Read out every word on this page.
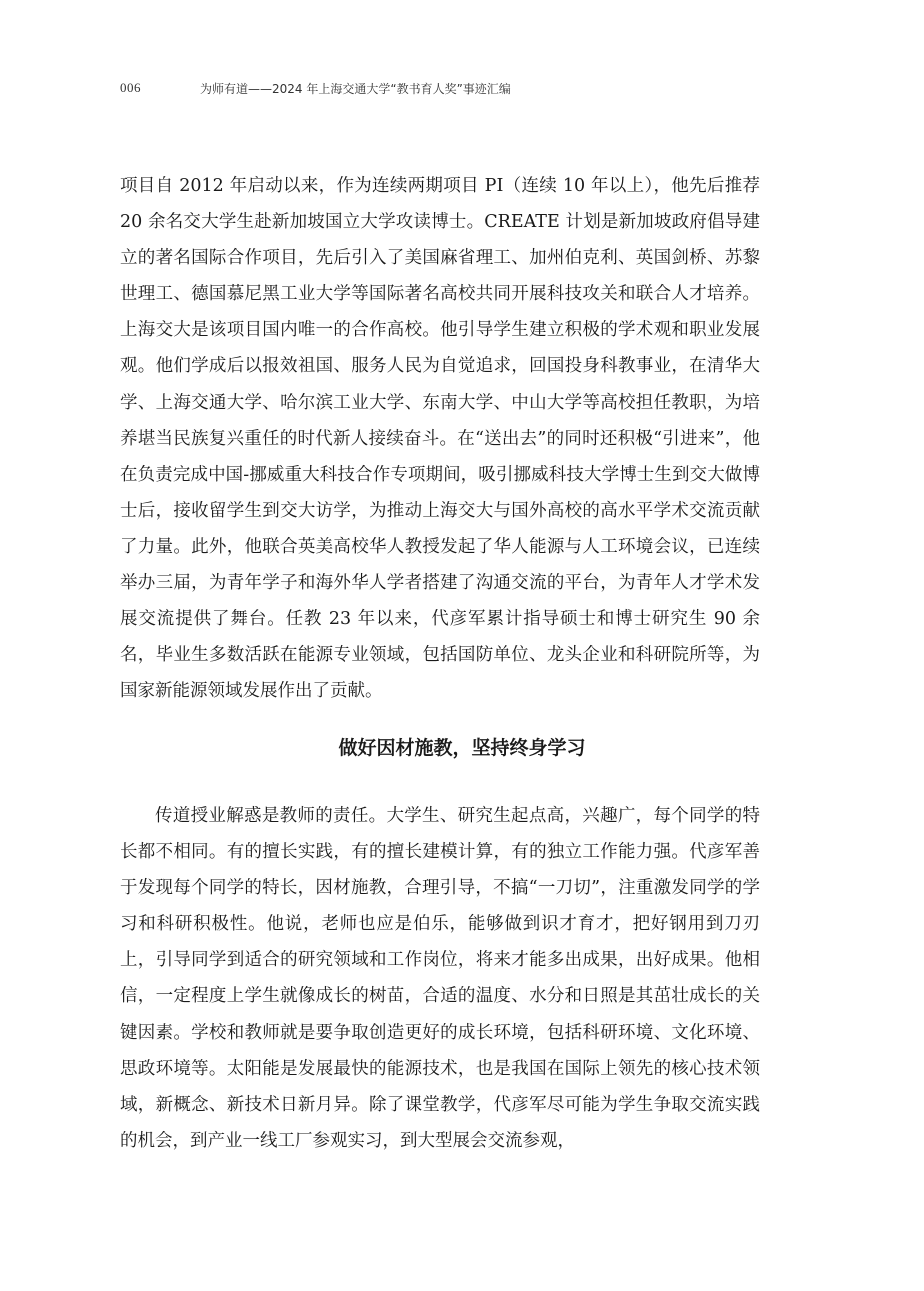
006	为师有道——2024 年上海交通大学“教书育人奖”事迹汇编

项目自 2012 年启动以来，作为连续两期项目 PI（连续 10 年以上），他先后推荐 20 余名交大学生赴新加坡国立大学攻读博士。CREATE 计划是新加坡政府倡导建立的著名国际合作项目，先后引入了美国麻省理工、加州伯克利、英国剑桥、苏黎世理工、德国慕尼黑工业大学等国际著名高校共同开展科技攻关和联合人才培养。上海交大是该项目国内唯一的合作高校。他引导学生建立积极的学术观和职业发展观。他们学成后以报效祖国、服务人民为自觉追求，回国投身科教事业，在清华大学、上海交通大学、哈尔滨工业大学、东南大学、中山大学等高校担任教职，为培养堪当民族复兴重任的时代新人接续奋斗。在“送出去”的同时还积极“引进来”，他在负责完成中国-挪威重大科技合作专项期间，吸引挪威科技大学博士生到交大做博士后，接收留学生到交大访学，为推动上海交大与国外高校的高水平学术交流贡献了力量。此外，他联合英美高校华人教授发起了华人能源与人工环境会议，已连续举办三届，为青年学子和海外华人学者搭建了沟通交流的平台，为青年人才学术发展交流提供了舞台。任教 23 年以来，代彦军累计指导硕士和博士研究生 90 余名，毕业生多数活跃在能源专业领域，包括国防单位、龙头企业和科研院所等，为国家新能源领域发展作出了贡献。

做好因材施教，坚持终身学习

传道授业解惑是教师的责任。大学生、研究生起点高，兴趣广，每个同学的特长都不相同。有的擅长实践，有的擅长建模计算，有的独立工作能力强。代彦军善于发现每个同学的特长，因材施教，合理引导，不搞“一刀切”，注重激发同学的学习和科研积极性。他说，老师也应是伯乐，能够做到识才育才，把好钢用到刀刃上，引导同学到适合的研究领域和工作岗位，将来才能多出成果，出好成果。他相信，一定程度上学生就像成长的树苗，合适的温度、水分和日照是其茁壮成长的关键因素。学校和教师就是要争取创造更好的成长环境，包括科研环境、文化环境、思政环境等。太阳能是发展最快的能源技术，也是我国在国际上领先的核心技术领域，新概念、新技术日新月异。除了课堂教学，代彦军尽可能为学生争取交流实践的机会，到产业一线工厂参观实习，到大型展会交流参观，
